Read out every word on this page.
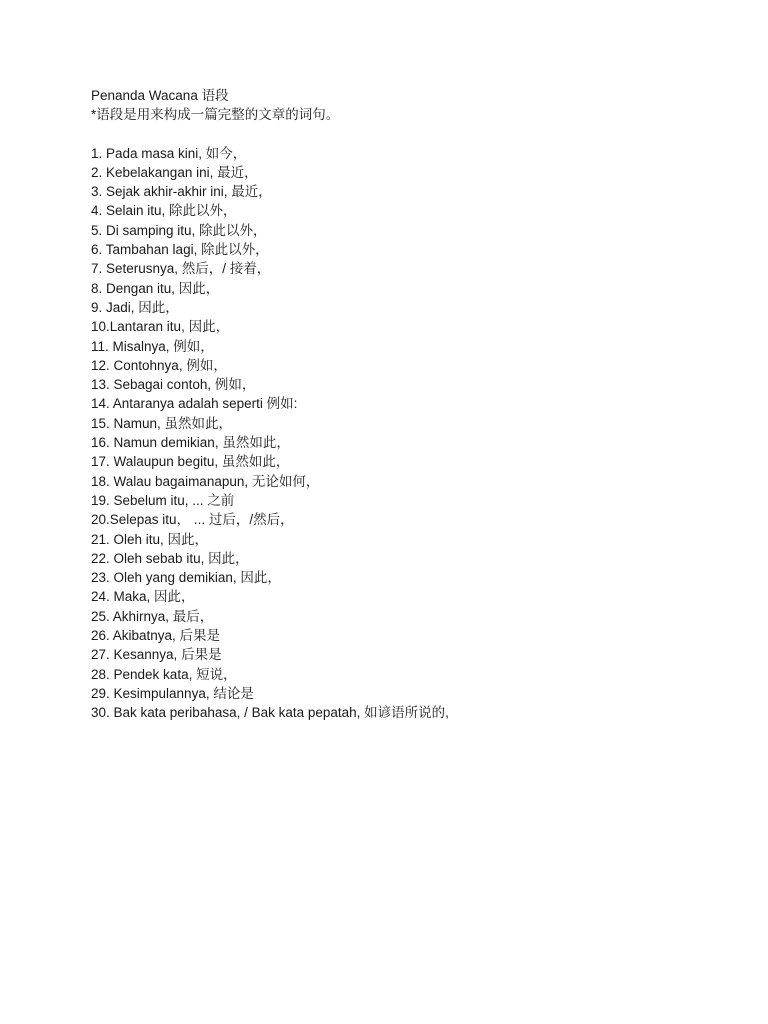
Penanda Wacana 语段

*语段是用来构成一篇完整的文章的词句。

1. Pada masa kini, 如今，
2. Kebelakangan ini, 最近，
3. Sejak akhir-akhir ini, 最近，
4. Selain itu, 除此以外，
5. Di samping itu, 除此以外，
6. Tambahan lagi, 除此以外，
7. Seterusnya, 然后，/ 接着，
8. Dengan itu, 因此，
9. Jadi, 因此，
10.Lantaran itu, 因此，
11. Misalnya, 例如，
12. Contohnya, 例如，
13. Sebagai contoh, 例如，
14. Antaranya adalah seperti 例如:
15. Namun, 虽然如此，
16. Namun demikian, 虽然如此，
17. Walaupun begitu, 虽然如此，
18. Walau bagaimanapun, 无论如何，
19. Sebelum itu, ... 之前
20.Selepas itu， ... 过后，/然后，
21. Oleh itu, 因此，
22. Oleh sebab itu, 因此，
23. Oleh yang demikian, 因此，
24. Maka, 因此，
25. Akhirnya, 最后，
26. Akibatnya, 后果是
27. Kesannya, 后果是
28. Pendek kata, 短说，
29. Kesimpulannya, 结论是
30. Bak kata peribahasa, / Bak kata pepatah, 如谚语所说的,
